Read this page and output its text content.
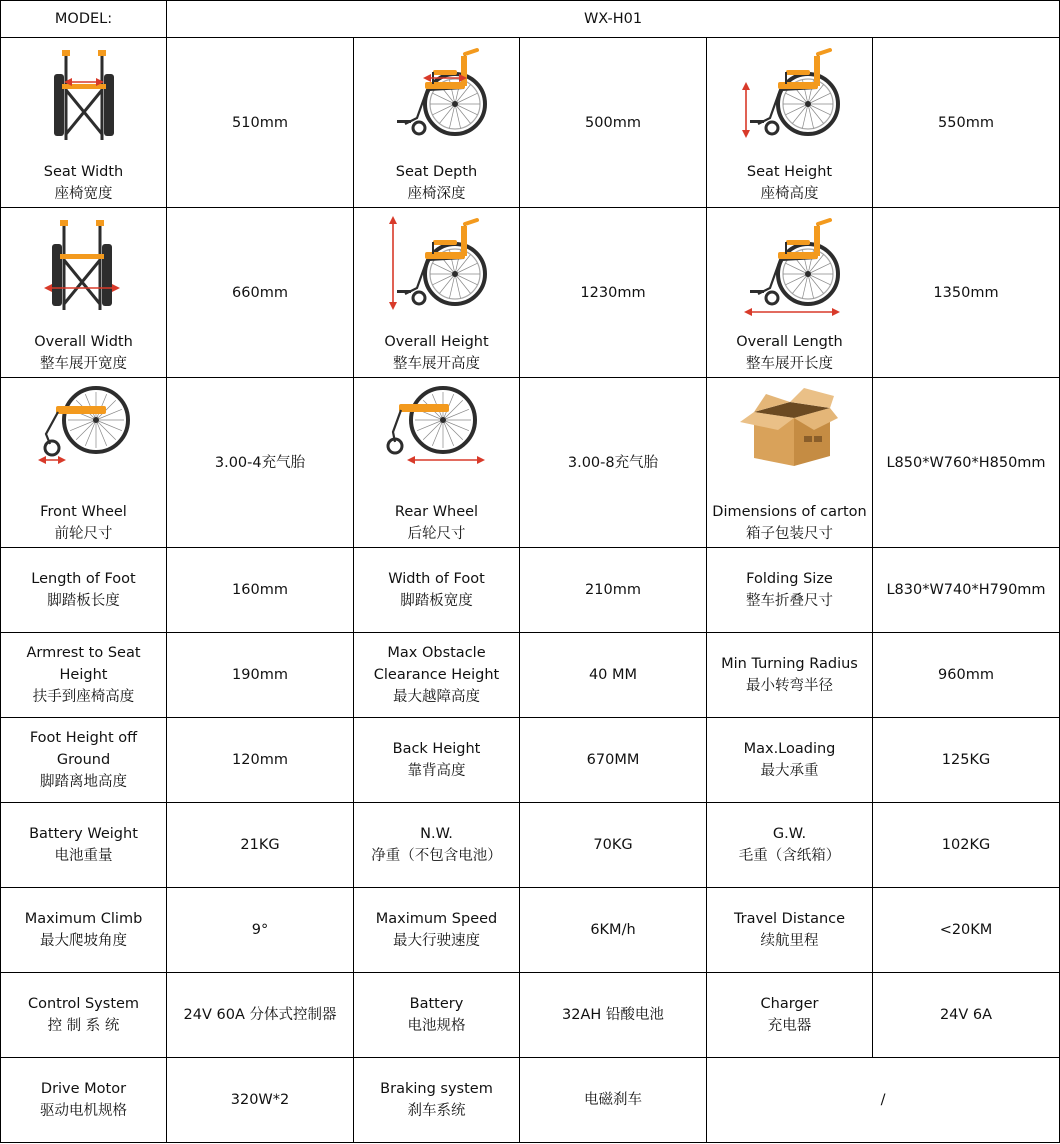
MODEL:	WX-H01				

Seat Width
座椅宽度	510mm	Seat Depth
座椅深度	500mm	Seat Height
座椅高度	550mm

Overall Width
整车展开宽度	660mm	Overall Height
整车展开高度	1230mm	Overall Length
整车展开长度	1350mm

Front Wheel
前轮尺寸	3.00-4充气胎	Rear Wheel
后轮尺寸	3.00-8充气胎	Dimensions of carton
箱子包装尺寸	L850*W760*H850mm

Length of Foot
脚踏板长度	160mm	Width of Foot
脚踏板宽度	210mm	Folding Size
整车折叠尺寸	L830*W740*H790mm

Armrest to Seat Height
扶手到座椅高度	190mm	Max Obstacle
Clearance Height
最大越障高度	40 MM	Min Turning Radius
最小转弯半径	960mm

Foot Height off
Ground
脚踏离地高度	120mm	Back Height
靠背高度	670MM	Max.Loading
最大承重	125KG

Battery Weight
电池重量	21KG	N.W.
净重（不包含电池）	70KG	G.W.
毛重（含纸箱）	102KG

Maximum Climb
最大爬坡角度	9°	Maximum Speed
最大行驶速度	6KM/h	Travel Distance
续航里程	<20KM

Control System
控 制 系 统	24V 60A 分体式控制器	Battery
电池规格	32AH 铅酸电池	Charger
充电器	24V 6A

Drive Motor
驱动电机规格	320W*2	Braking system
刹车系统	电磁刹车	/	
